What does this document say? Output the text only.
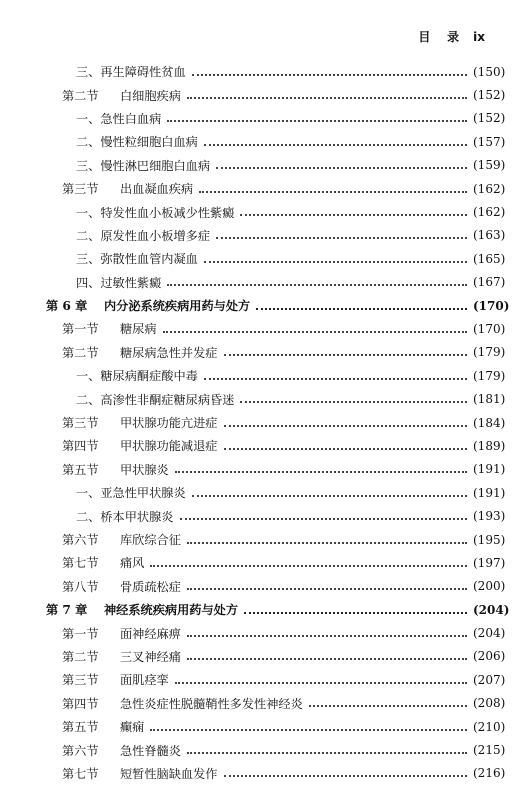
目    录 ix
三、再生障碍性贫血	(150)
第二节	白细胞疾病	(152)
一、急性白血病	(152)
二、慢性粒细胞白血病	(157)
三、慢性淋巴细胞白血病	(159)
第三节	出血凝血疾病	(162)
一、特发性血小板减少性紫癜	(162)
二、原发性血小板增多症	(163)
三、弥散性血管内凝血	(165)
四、过敏性紫癜	(167)
第 6 章	内分泌系统疾病用药与处方	(170)
第一节	糖尿病	(170)
第二节	糖尿病急性并发症	(179)
一、糖尿病酮症酸中毒	(179)
二、高渗性非酮症糖尿病昏迷	(181)
第三节	甲状腺功能亢进症	(184)
第四节	甲状腺功能减退症	(189)
第五节	甲状腺炎	(191)
一、亚急性甲状腺炎	(191)
二、桥本甲状腺炎	(193)
第六节	库欣综合征	(195)
第七节	痛风	(197)
第八节	骨质疏松症	(200)
第 7 章	神经系统疾病用药与处方	(204)
第一节	面神经麻痹	(204)
第二节	三叉神经痛	(206)
第三节	面肌痉挛	(207)
第四节	急性炎症性脱髓鞘性多发性神经炎	(208)
第五节	癫痫	(210)
第六节	急性脊髓炎	(215)
第七节	短暂性脑缺血发作	(216)
